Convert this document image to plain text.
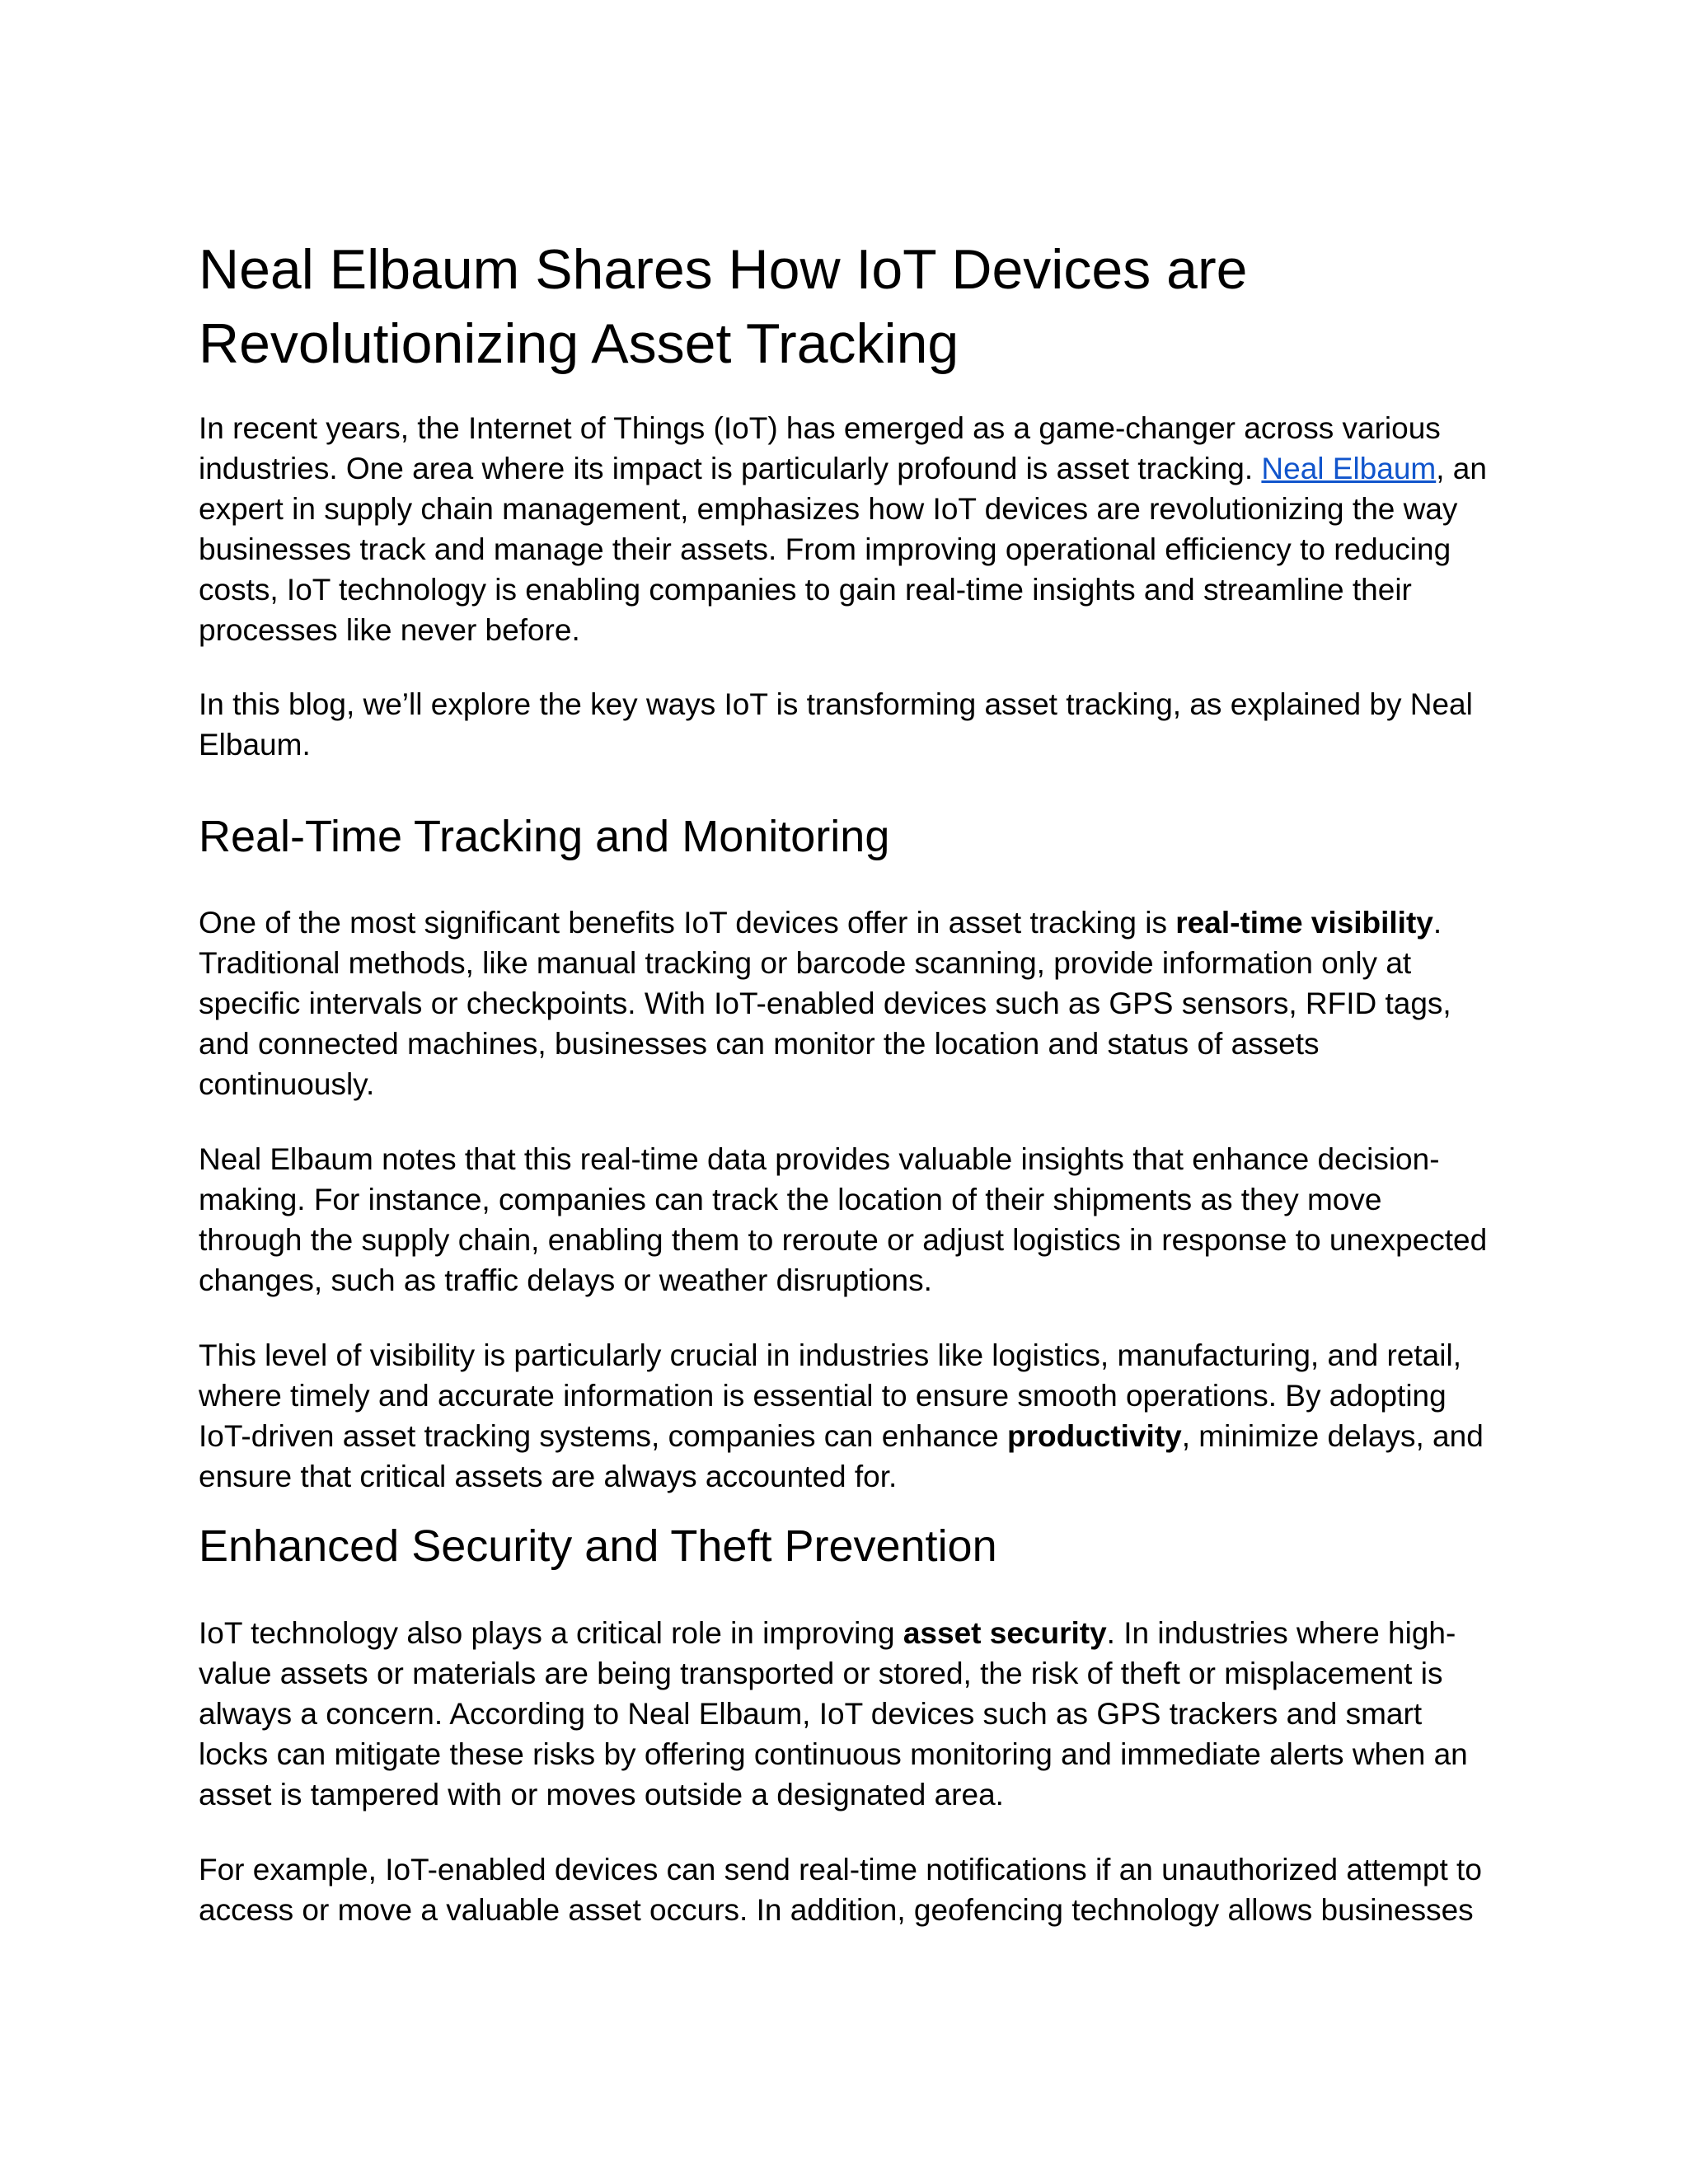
Neal Elbaum Shares How IoT Devices are Revolutionizing Asset Tracking

In recent years, the Internet of Things (IoT) has emerged as a game-changer across various industries. One area where its impact is particularly profound is asset tracking. Neal Elbaum, an expert in supply chain management, emphasizes how IoT devices are revolutionizing the way businesses track and manage their assets. From improving operational efficiency to reducing costs, IoT technology is enabling companies to gain real-time insights and streamline their processes like never before.

In this blog, we’ll explore the key ways IoT is transforming asset tracking, as explained by Neal Elbaum.

Real-Time Tracking and Monitoring

One of the most significant benefits IoT devices offer in asset tracking is real-time visibility. Traditional methods, like manual tracking or barcode scanning, provide information only at specific intervals or checkpoints. With IoT-enabled devices such as GPS sensors, RFID tags, and connected machines, businesses can monitor the location and status of assets continuously.

Neal Elbaum notes that this real-time data provides valuable insights that enhance decision-making. For instance, companies can track the location of their shipments as they move through the supply chain, enabling them to reroute or adjust logistics in response to unexpected changes, such as traffic delays or weather disruptions.

This level of visibility is particularly crucial in industries like logistics, manufacturing, and retail, where timely and accurate information is essential to ensure smooth operations. By adopting IoT-driven asset tracking systems, companies can enhance productivity, minimize delays, and ensure that critical assets are always accounted for.

Enhanced Security and Theft Prevention

IoT technology also plays a critical role in improving asset security. In industries where high-value assets or materials are being transported or stored, the risk of theft or misplacement is always a concern. According to Neal Elbaum, IoT devices such as GPS trackers and smart locks can mitigate these risks by offering continuous monitoring and immediate alerts when an asset is tampered with or moves outside a designated area.

For example, IoT-enabled devices can send real-time notifications if an unauthorized attempt to access or move a valuable asset occurs. In addition, geofencing technology allows businesses
